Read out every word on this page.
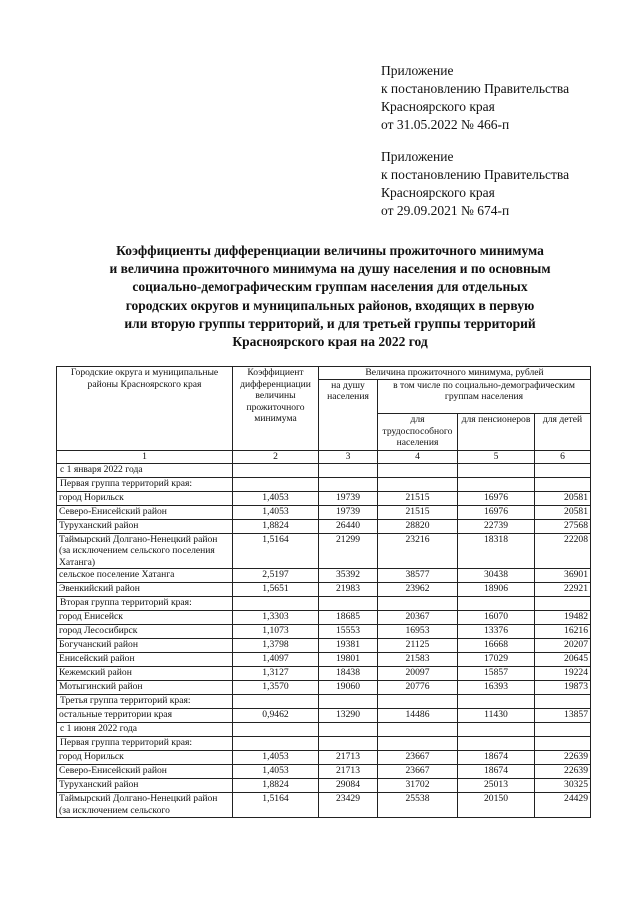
Приложение
к постановлению Правительства
Красноярского края
от 31.05.2022 № 466-п
Приложение
к постановлению Правительства
Красноярского края
от 29.09.2021 № 674-п
Коэффициенты дифференциации величины прожиточного минимума
и величина прожиточного минимума на душу населения и по основным
социально-демографическим группам населения для отдельных
городских округов и муниципальных районов, входящих в первую
или вторую группы территорий, и для третьей группы территорий
Красноярского края на 2022 год
Городские округа и муниципальные районы Красноярского края	Коэффициент дифференциации величины прожиточного минимума	Величина прожиточного минимума, рублей			
		на душу населения	в том числе по социально-демографическим группам населения		
			для трудоспособного населения	для пенсионеров	для детей
1	2	3	4	5	6
с 1 января 2022 года					
Первая группа территорий края:					
город Норильск	1,4053	19739	21515	16976	20581
Северо-Енисейский район	1,4053	19739	21515	16976	20581
Туруханский район	1,8824	26440	28820	22739	27568
Таймырский Долгано-Ненецкий район (за исключением сельского поселения Хатанга)	1,5164	21299	23216	18318	22208
сельское поселение Хатанга	2,5197	35392	38577	30438	36901
Эвенкийский район	1,5651	21983	23962	18906	22921
Вторая группа территорий края:					
город Енисейск	1,3303	18685	20367	16070	19482
город Лесосибирск	1,1073	15553	16953	13376	16216
Богучанский район	1,3798	19381	21125	16668	20207
Енисейский район	1,4097	19801	21583	17029	20645
Кежемский район	1,3127	18438	20097	15857	19224
Мотыгинский район	1,3570	19060	20776	16393	19873
Третья группа территорий края:					
остальные территории края	0,9462	13290	14486	11430	13857
с 1 июня 2022 года					
Первая группа территорий края:					
город Норильск	1,4053	21713	23667	18674	22639
Северо-Енисейский район	1,4053	21713	23667	18674	22639
Туруханский район	1,8824	29084	31702	25013	30325
Таймырский Долгано-Ненецкий район (за исключением сельского	1,5164	23429	25538	20150	24429
